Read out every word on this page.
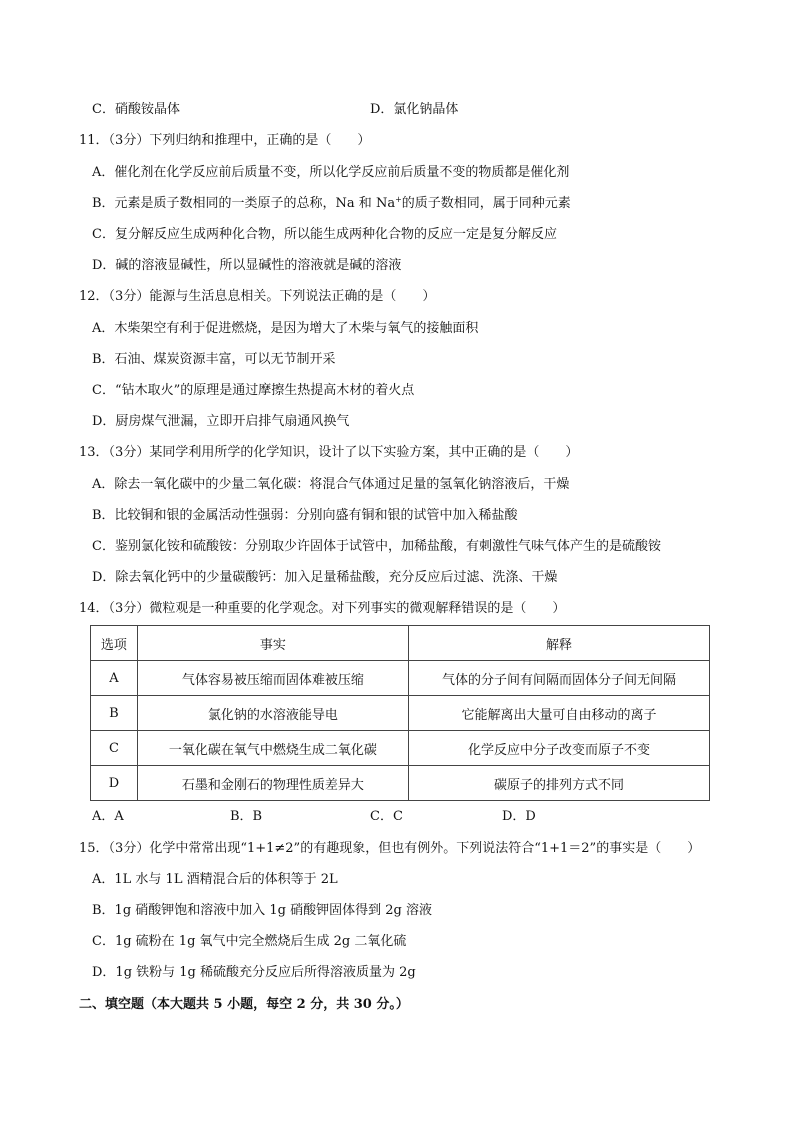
C．硝酸铵晶体	D．氯化钠晶体
11．（3分）下列归纳和推理中，正确的是（　　）
A．催化剂在化学反应前后质量不变，所以化学反应前后质量不变的物质都是催化剂
B．元素是质子数相同的一类原子的总称，Na 和 Na+的质子数相同，属于同种元素
C．复分解反应生成两种化合物，所以能生成两种化合物的反应一定是复分解反应
D．碱的溶液显碱性，所以显碱性的溶液就是碱的溶液
12．（3分）能源与生活息息相关。下列说法正确的是（　　）
A．木柴架空有利于促进燃烧，是因为增大了木柴与氧气的接触面积
B．石油、煤炭资源丰富，可以无节制开采
C．“钻木取火”的原理是通过摩擦生热提高木材的着火点
D．厨房煤气泄漏，立即开启排气扇通风换气
13．（3分）某同学利用所学的化学知识，设计了以下实验方案，其中正确的是（　　）
A．除去一氧化碳中的少量二氧化碳：将混合气体通过足量的氢氧化钠溶液后，干燥
B．比较铜和银的金属活动性强弱：分别向盛有铜和银的试管中加入稀盐酸
C．鉴别氯化铵和硫酸铵：分别取少许固体于试管中，加稀盐酸，有刺激性气味气体产生的是硫酸铵
D．除去氧化钙中的少量碳酸钙：加入足量稀盐酸，充分反应后过滤、洗涤、干燥
14．（3分）微粒观是一种重要的化学观念。对下列事实的微观解释错误的是（　　）
选项	事实	解释
A	气体容易被压缩而固体难被压缩	气体的分子间有间隔而固体分子间无间隔
B	氯化钠的水溶液能导电	它能解离出大量可自由移动的离子
C	一氧化碳在氧气中燃烧生成二氧化碳	化学反应中分子改变而原子不变
D	石墨和金刚石的物理性质差异大	碳原子的排列方式不同
A．A	B．B	C．C	D．D
15．（3分）化学中常常出现“1+1≠2”的有趣现象，但也有例外。下列说法符合“1+1＝2”的事实是（　　）
A．1L 水与 1L 酒精混合后的体积等于 2L
B．1g 硝酸钾饱和溶液中加入 1g 硝酸钾固体得到 2g 溶液
C．1g 硫粉在 1g 氧气中完全燃烧后生成 2g 二氧化硫
D．1g 铁粉与 1g 稀硫酸充分反应后所得溶液质量为 2g
二、填空题（本大题共 5 小题，每空 2 分，共 30 分。）
